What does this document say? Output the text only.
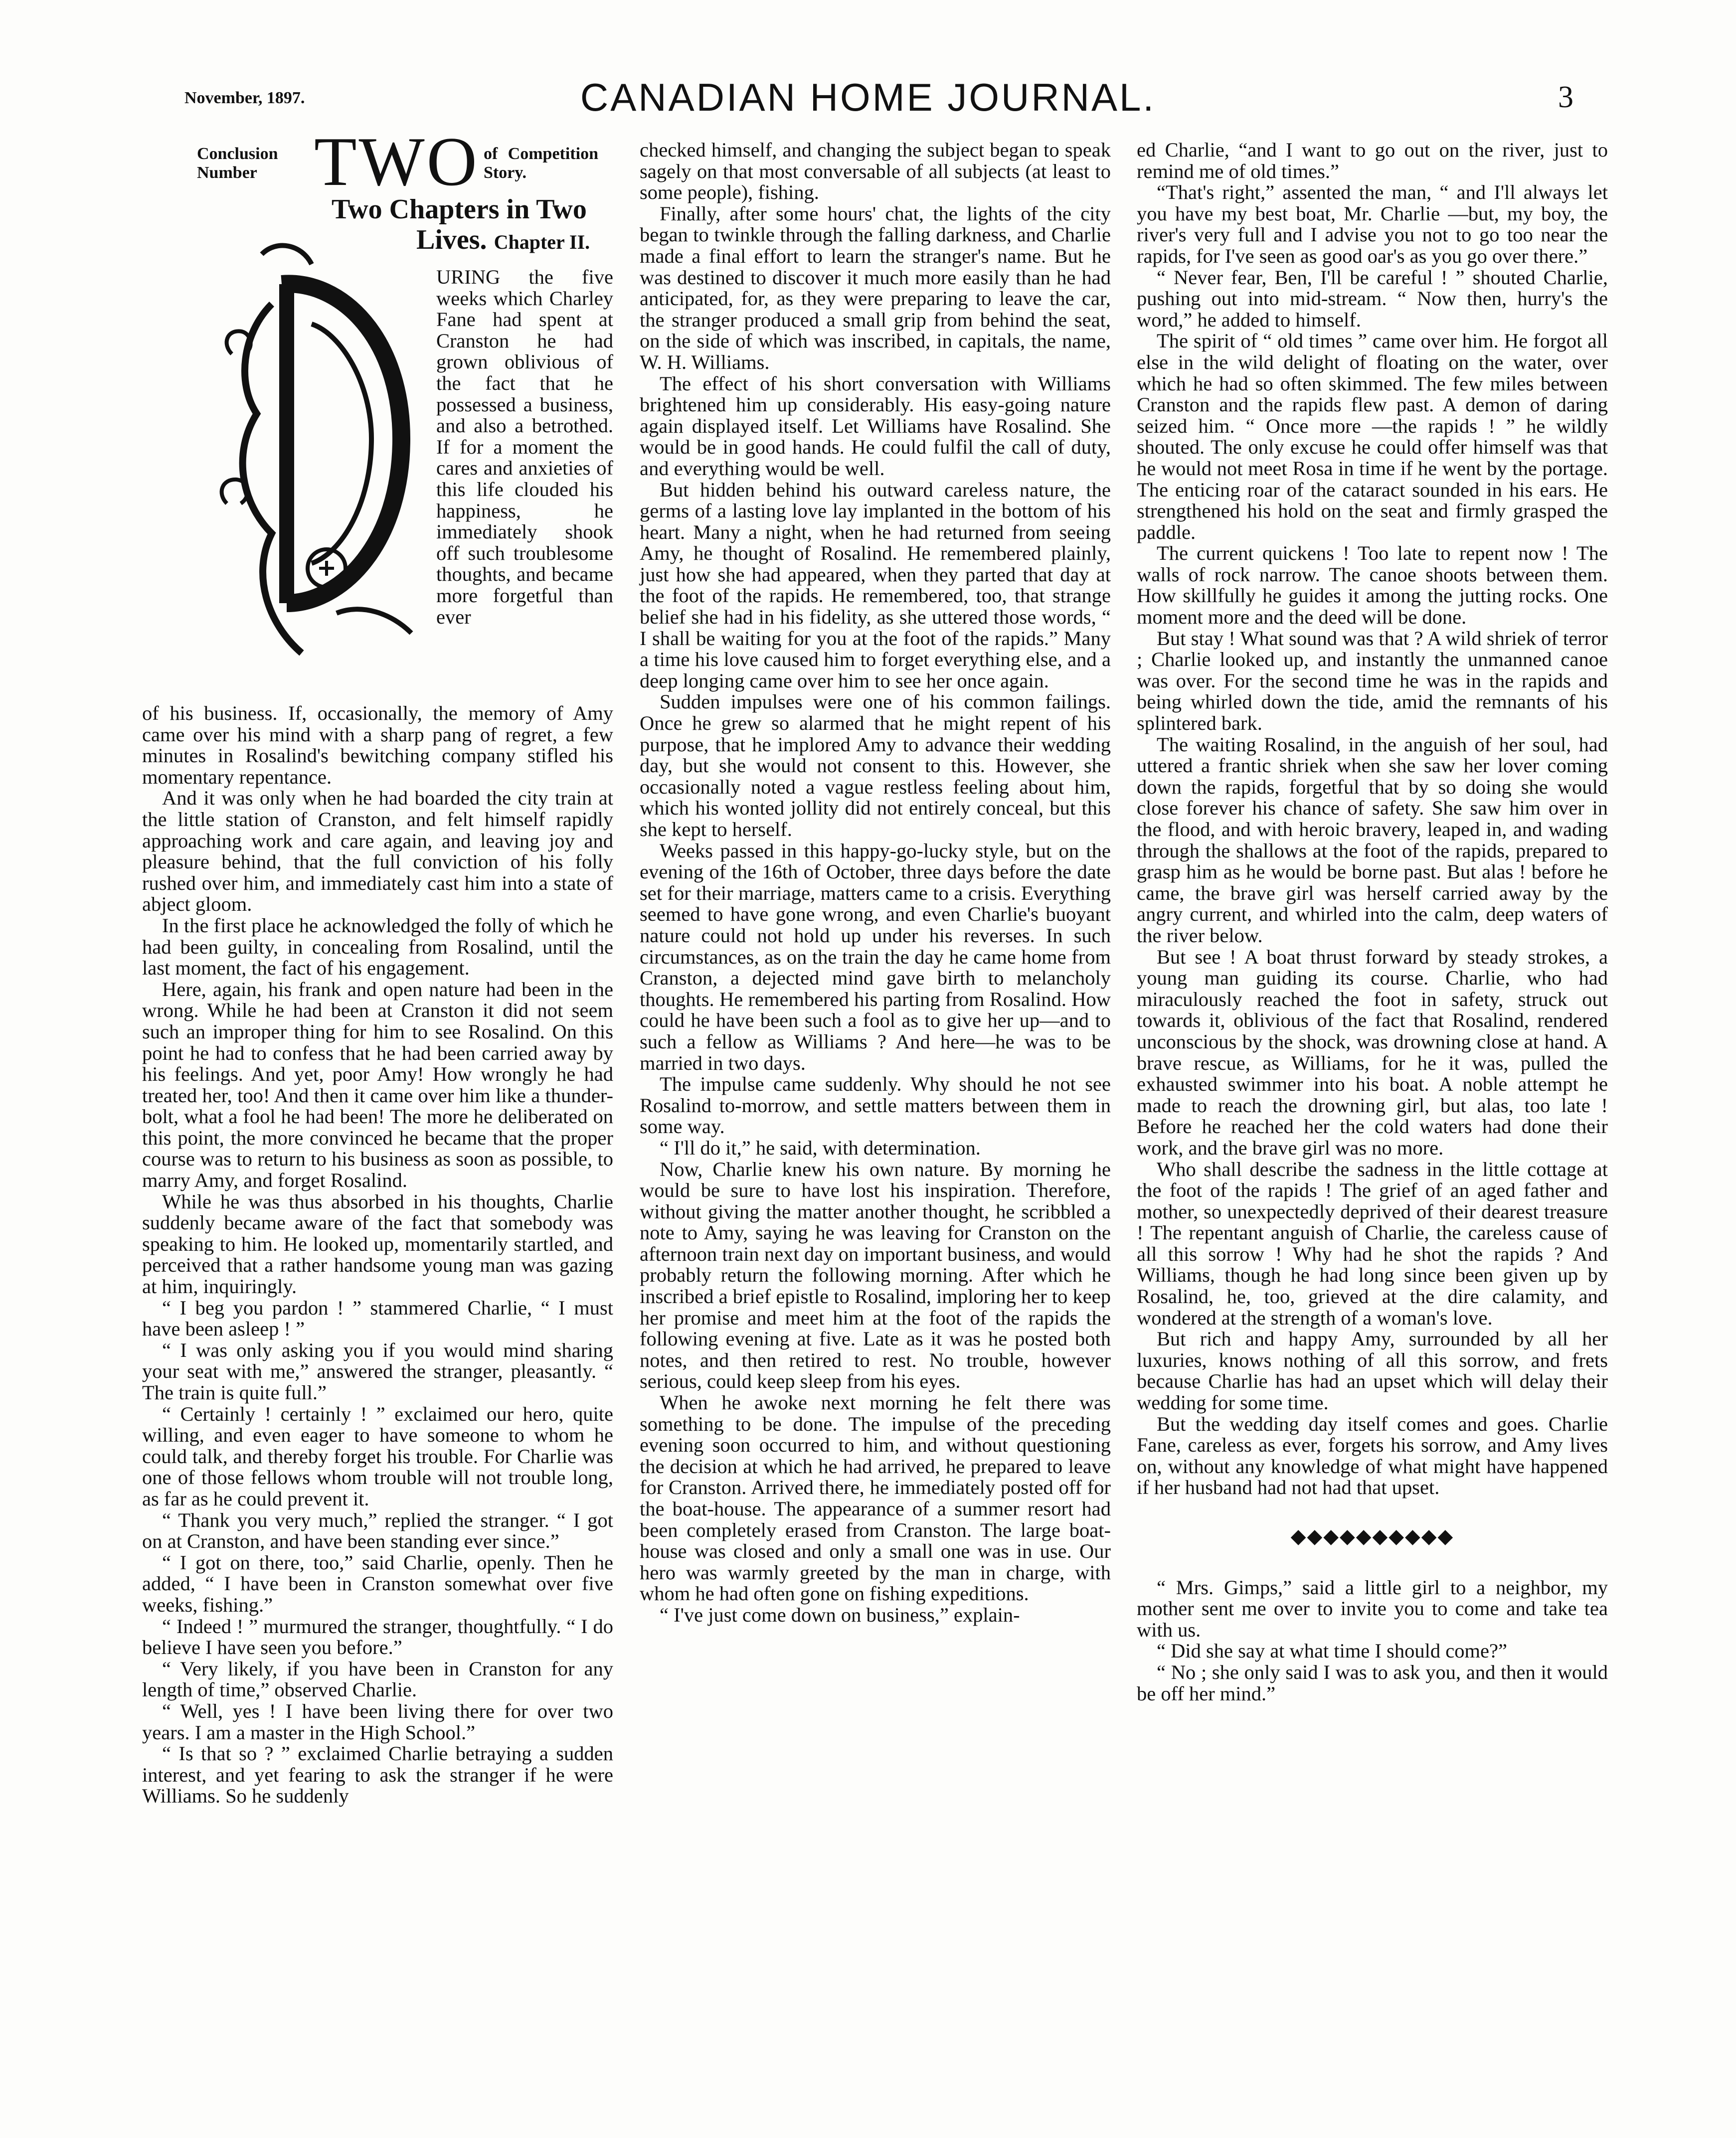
November, 1897.	CANADIAN HOME JOURNAL.	3
Conclusion Number TWO of Competition Story.
Two Chapters in Two
Lives. Chapter II.
URING the five weeks which Charley Fane had spent at Cranston he had grown oblivious of the fact that he possessed a business, and also a betrothed. If for a moment the cares and anxieties of this life clouded his happiness, he immediately shook off such troublesome thoughts, and became more forgetful than ever

of his business. If, occasionally, the memory of Amy came over his mind with a sharp pang of regret, a few minutes in Rosalind's bewitching company stifled his momentary repentance.

And it was only when he had boarded the city train at the little station of Cranston, and felt himself rapidly approaching work and care again, and leaving joy and pleasure behind, that the full conviction of his folly rushed over him, and immediately cast him into a state of abject gloom.

In the first place he acknowledged the folly of which he had been guilty, in concealing from Rosalind, until the last moment, the fact of his engagement.

Here, again, his frank and open nature had been in the wrong. While he had been at Cranston it did not seem such an improper thing for him to see Rosalind. On this point he had to confess that he had been carried away by his feelings. And yet, poor Amy! How wrongly he had treated her, too! And then it came over him like a thunder-bolt, what a fool he had been! The more he deliberated on this point, the more convinced he became that the proper course was to return to his business as soon as possible, to marry Amy, and forget Rosalind.

While he was thus absorbed in his thoughts, Charlie suddenly became aware of the fact that somebody was speaking to him. He looked up, momentarily startled, and perceived that a rather handsome young man was gazing at him, inquiringly.

“ I beg you pardon ! ” stammered Charlie, “ I must have been asleep ! ”

“ I was only asking you if you would mind sharing your seat with me,” answered the stranger, pleasantly. “ The train is quite full.”

“ Certainly ! certainly ! ” exclaimed our hero, quite willing, and even eager to have someone to whom he could talk, and thereby forget his trouble. For Charlie was one of those fellows whom trouble will not trouble long, as far as he could prevent it.

“ Thank you very much,” replied the stranger. “ I got on at Cranston, and have been standing ever since.”

“ I got on there, too,” said Charlie, openly. Then he added, “ I have been in Cranston somewhat over five weeks, fishing.”

“ Indeed ! ” murmured the stranger, thoughtfully. “ I do believe I have seen you before.”

“ Very likely, if you have been in Cranston for any length of time,” observed Charlie.

“ Well, yes ! I have been living there for over two years. I am a master in the High School.”

“ Is that so ? ” exclaimed Charlie betraying a sudden interest, and yet fearing to ask the stranger if he were Williams. So he suddenly

checked himself, and changing the subject began to speak sagely on that most conversable of all subjects (at least to some people), fishing.

Finally, after some hours' chat, the lights of the city began to twinkle through the falling darkness, and Charlie made a final effort to learn the stranger's name. But he was destined to discover it much more easily than he had anticipated, for, as they were preparing to leave the car, the stranger produced a small grip from behind the seat, on the side of which was inscribed, in capitals, the name, W. H. Williams.

The effect of his short conversation with Williams brightened him up considerably. His easy-going nature again displayed itself. Let Williams have Rosalind. She would be in good hands. He could fulfil the call of duty, and everything would be well.

But hidden behind his outward careless nature, the germs of a lasting love lay implanted in the bottom of his heart. Many a night, when he had returned from seeing Amy, he thought of Rosalind. He remembered plainly, just how she had appeared, when they parted that day at the foot of the rapids. He remembered, too, that strange belief she had in his fidelity, as she uttered those words, “ I shall be waiting for you at the foot of the rapids.” Many a time his love caused him to forget everything else, and a deep longing came over him to see her once again.

Sudden impulses were one of his common failings. Once he grew so alarmed that he might repent of his purpose, that he implored Amy to advance their wedding day, but she would not consent to this. However, she occasionally noted a vague restless feeling about him, which his wonted jollity did not entirely conceal, but this she kept to herself.

Weeks passed in this happy-go-lucky style, but on the evening of the 16th of October, three days before the date set for their marriage, matters came to a crisis. Everything seemed to have gone wrong, and even Charlie's buoyant nature could not hold up under his reverses. In such circumstances, as on the train the day he came home from Cranston, a dejected mind gave birth to melancholy thoughts. He remembered his parting from Rosalind. How could he have been such a fool as to give her up—and to such a fellow as Williams ? And here—he was to be married in two days.

The impulse came suddenly. Why should he not see Rosalind to-morrow, and settle matters between them in some way.

“ I'll do it,” he said, with determination.

Now, Charlie knew his own nature. By morning he would be sure to have lost his inspiration. Therefore, without giving the matter another thought, he scribbled a note to Amy, saying he was leaving for Cranston on the afternoon train next day on important business, and would probably return the following morning. After which he inscribed a brief epistle to Rosalind, imploring her to keep her promise and meet him at the foot of the rapids the following evening at five. Late as it was he posted both notes, and then retired to rest. No trouble, however serious, could keep sleep from his eyes.

When he awoke next morning he felt there was something to be done. The impulse of the preceding evening soon occurred to him, and without questioning the decision at which he had arrived, he prepared to leave for Cranston. Arrived there, he immediately posted off for the boat-house. The appearance of a summer resort had been completely erased from Cranston. The large boat-house was closed and only a small one was in use. Our hero was warmly greeted by the man in charge, with whom he had often gone on fishing expeditions.

“ I've just come down on business,” explain-

ed Charlie, “and I want to go out on the river, just to remind me of old times.”

“That's right,” assented the man, “ and I'll always let you have my best boat, Mr. Charlie —but, my boy, the river's very full and I advise you not to go too near the rapids, for I've seen as good oar's as you go over there.”

“ Never fear, Ben, I'll be careful ! ” shouted Charlie, pushing out into mid-stream. “ Now then, hurry's the word,” he added to himself.

The spirit of “ old times ” came over him. He forgot all else in the wild delight of floating on the water, over which he had so often skimmed. The few miles between Cranston and the rapids flew past. A demon of daring seized him. “ Once more —the rapids ! ” he wildly shouted. The only excuse he could offer himself was that he would not meet Rosa in time if he went by the portage. The enticing roar of the cataract sounded in his ears. He strengthened his hold on the seat and firmly grasped the paddle.

The current quickens ! Too late to repent now ! The walls of rock narrow. The canoe shoots between them. How skillfully he guides it among the jutting rocks. One moment more and the deed will be done.

But stay ! What sound was that ? A wild shriek of terror ; Charlie looked up, and instantly the unmanned canoe was over. For the second time he was in the rapids and being whirled down the tide, amid the remnants of his splintered bark.

The waiting Rosalind, in the anguish of her soul, had uttered a frantic shriek when she saw her lover coming down the rapids, forgetful that by so doing she would close forever his chance of safety. She saw him over in the flood, and with heroic bravery, leaped in, and wading through the shallows at the foot of the rapids, prepared to grasp him as he would be borne past. But alas ! before he came, the brave girl was herself carried away by the angry current, and whirled into the calm, deep waters of the river below.

But see ! A boat thrust forward by steady strokes, a young man guiding its course. Charlie, who had miraculously reached the foot in safety, struck out towards it, oblivious of the fact that Rosalind, rendered unconscious by the shock, was drowning close at hand. A brave rescue, as Williams, for he it was, pulled the exhausted swimmer into his boat. A noble attempt he made to reach the drowning girl, but alas, too late ! Before he reached her the cold waters had done their work, and the brave girl was no more.

Who shall describe the sadness in the little cottage at the foot of the rapids ! The grief of an aged father and mother, so unexpectedly deprived of their dearest treasure ! The repentant anguish of Charlie, the careless cause of all this sorrow ! Why had he shot the rapids ? And Williams, though he had long since been given up by Rosalind, he, too, grieved at the dire calamity, and wondered at the strength of a woman's love.

But rich and happy Amy, surrounded by all her luxuries, knows nothing of all this sorrow, and frets because Charlie has had an upset which will delay their wedding for some time.

But the wedding day itself comes and goes. Charlie Fane, careless as ever, forgets his sorrow, and Amy lives on, without any knowledge of what might have happened if her husband had not had that upset.

◆◆◆◆◆◆◆◆◆◆

“ Mrs. Gimps,” said a little girl to a neighbor, my mother sent me over to invite you to come and take tea with us.

“ Did she say at what time I should come?”

“ No ; she only said I was to ask you, and then it would be off her mind.”
